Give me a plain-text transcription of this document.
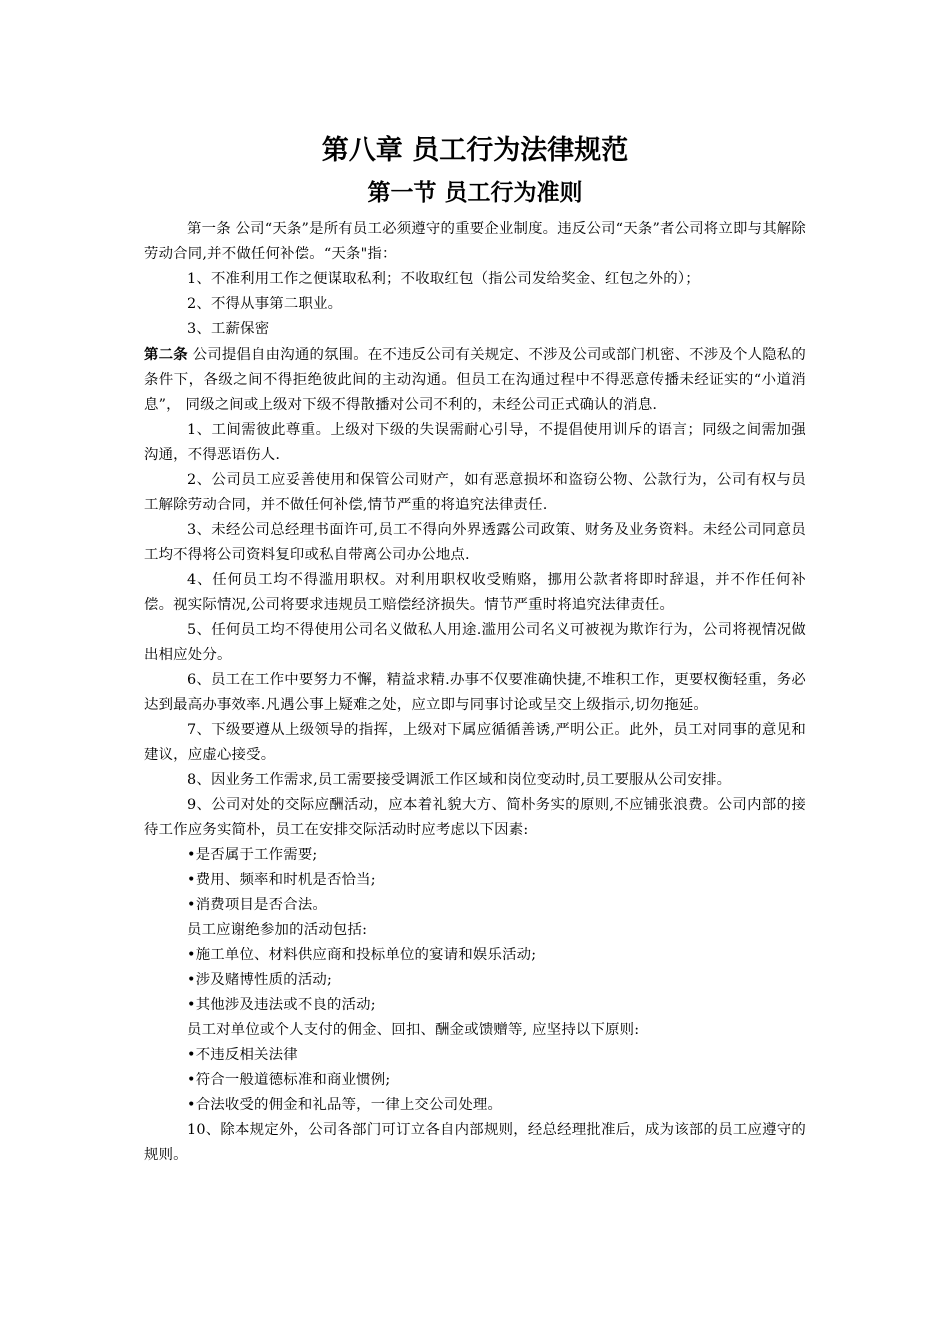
第八章 员工行为法律规范
第一节 员工行为准则

第一条 公司“天条”是所有员工必须遵守的重要企业制度。违反公司“天条”者公司将立即与其解除劳动合同,并不做任何补偿。“天条"指：

1、不准利用工作之便谋取私利；不收取红包（指公司发给奖金、红包之外的）；

2、不得从事第二职业。

3、工薪保密

第二条 公司提倡自由沟通的氛围。在不违反公司有关规定、不涉及公司或部门机密、不涉及个人隐私的条件下，各级之间不得拒绝彼此间的主动沟通。但员工在沟通过程中不得恶意传播未经证实的“小道消息”， 同级之间或上级对下级不得散播对公司不利的，未经公司正式确认的消息.

1、工间需彼此尊重。上级对下级的失误需耐心引导，不提倡使用训斥的语言；同级之间需加强沟通，不得恶语伤人.

2、公司员工应妥善使用和保管公司财产，如有恶意损坏和盗窃公物、公款行为，公司有权与员工解除劳动合同，并不做任何补偿,情节严重的将追究法律责任.

3、未经公司总经理书面许可,员工不得向外界透露公司政策、财务及业务资料。未经公司同意员工均不得将公司资料复印或私自带离公司办公地点.

4、任何员工均不得滥用职权。对利用职权收受贿赂，挪用公款者将即时辞退，并不作任何补偿。视实际情况,公司将要求违规员工赔偿经济损失。情节严重时将追究法律责任。

5、任何员工均不得使用公司名义做私人用途.滥用公司名义可被视为欺诈行为，公司将视情况做出相应处分。

6、员工在工作中要努力不懈，精益求精.办事不仅要准确快捷,不堆积工作，更要权衡轻重，务必达到最高办事效率.凡遇公事上疑难之处，应立即与同事讨论或呈交上级指示,切勿拖延。

7、下级要遵从上级领导的指挥，上级对下属应循循善诱,严明公正。此外，员工对同事的意见和建议，应虚心接受。

8、因业务工作需求,员工需要接受调派工作区域和岗位变动时,员工要服从公司安排。

9、公司对处的交际应酬活动，应本着礼貌大方、简朴务实的原则,不应铺张浪费。公司内部的接待工作应务实简朴，员工在安排交际活动时应考虑以下因素:

•是否属于工作需要;

•费用、频率和时机是否恰当;

•消费项目是否合法。

员工应谢绝参加的活动包括:

•施工单位、材料供应商和投标单位的宴请和娱乐活动;

•涉及赌博性质的活动;

•其他涉及违法或不良的活动;

员工对单位或个人支付的佣金、回扣、酬金或馈赠等, 应坚持以下原则:

•不违反相关法律

•符合一般道德标准和商业惯例;

•合法收受的佣金和礼品等，一律上交公司处理。

10、除本规定外，公司各部门可订立各自内部规则，经总经理批准后，成为该部的员工应遵守的规则。
